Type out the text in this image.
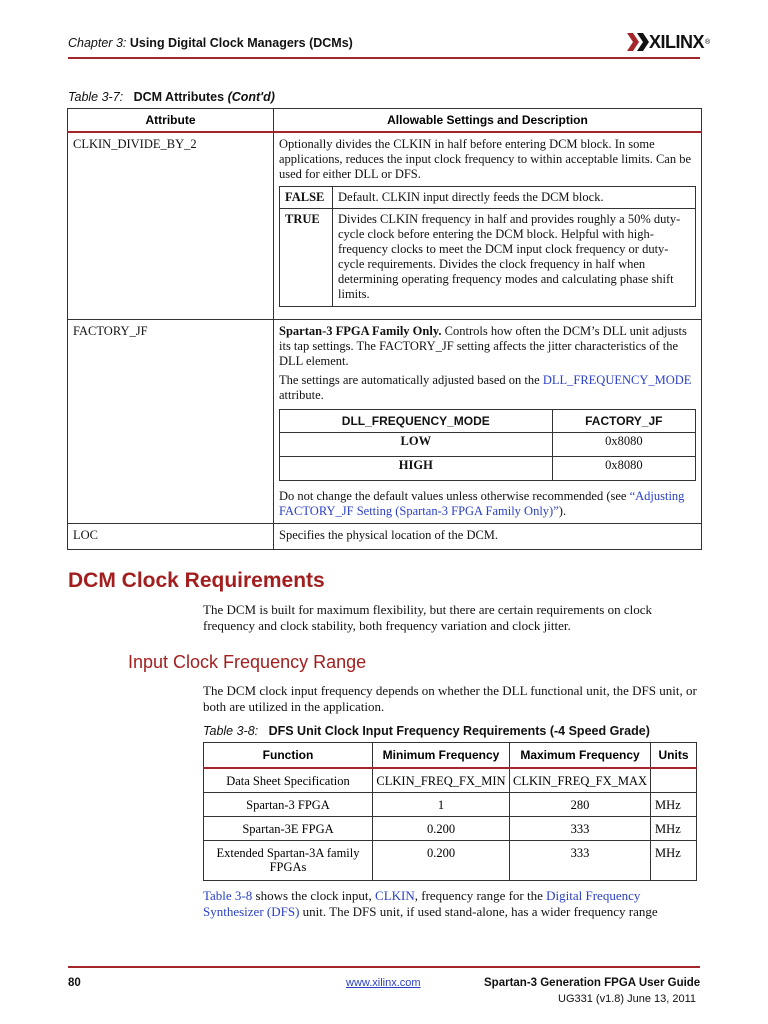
Chapter 3: Using Digital Clock Managers (DCMs)	XILINX ®
Table 3-7: DCM Attributes (Cont'd)
Attribute	Allowable Settings and Description
CLKIN_DIVIDE_BY_2	Optionally divides the CLKIN in half before entering DCM block. In some applications, reduces the input clock frequency to within acceptable limits. Can be used for either DLL or DFS.

FALSE	Default. CLKIN input directly feeds the DCM block.
TRUE	Divides CLKIN frequency in half and provides roughly a 50% duty-cycle clock before entering the DCM block. Helpful with high-frequency clocks to meet the DCM input clock frequency or duty-cycle requirements. Divides the clock frequency in half when determining operating frequency modes and calculating phase shift limits.

FACTORY_JF	Spartan-3 FPGA Family Only. Controls how often the DCM’s DLL unit adjusts its tap settings. The FACTORY_JF setting affects the jitter characteristics of the DLL element.

The settings are automatically adjusted based on the DLL_FREQUENCY_MODE attribute.

DLL_FREQUENCY_MODE	FACTORY_JF
LOW	0x8080
HIGH	0x8080

Do not change the default values unless otherwise recommended (see “Adjusting FACTORY_JF Setting (Spartan-3 FPGA Family Only)”).

LOC	Specifies the physical location of the DCM.
DCM Clock Requirements
The DCM is built for maximum flexibility, but there are certain requirements on clock frequency and clock stability, both frequency variation and clock jitter.
Input Clock Frequency Range
The DCM clock input frequency depends on whether the DLL functional unit, the DFS unit, or both are utilized in the application.
Table 3-8: DFS Unit Clock Input Frequency Requirements (-4 Speed Grade)
Function	Minimum Frequency	Maximum Frequency	Units
Data Sheet Specification	CLKIN_FREQ_FX_MIN	CLKIN_FREQ_FX_MAX	
Spartan-3 FPGA	1	280	MHz
Spartan-3E FPGA	0.200	333	MHz
Extended Spartan-3A family FPGAs	0.200	333	MHz
Table 3-8 shows the clock input, CLKIN, frequency range for the Digital Frequency Synthesizer (DFS) unit. The DFS unit, if used stand-alone, has a wider frequency range
80	www.xilinx.com	Spartan-3 Generation FPGA User Guide
UG331 (v1.8) June 13, 2011
